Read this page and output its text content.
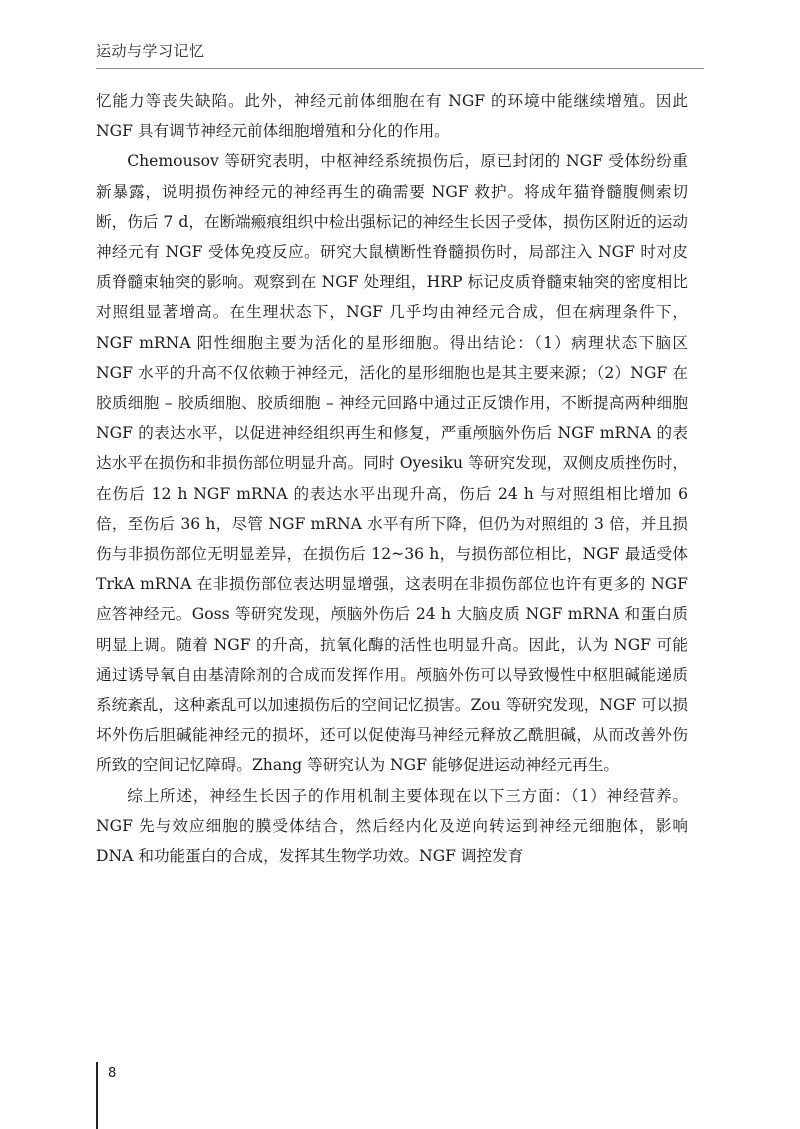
运动与学习记忆

忆能力等丧失缺陷。此外，神经元前体细胞在有 NGF 的环境中能继续增殖。因此 NGF 具有调节神经元前体细胞增殖和分化的作用。

Chemousov 等研究表明，中枢神经系统损伤后，原已封闭的 NGF 受体纷纷重新暴露，说明损伤神经元的神经再生的确需要 NGF 救护。将成年猫脊髓腹侧索切断，伤后 7 d，在断端瘢痕组织中检出强标记的神经生长因子受体，损伤区附近的运动神经元有 NGF 受体免疫反应。研究大鼠横断性脊髓损伤时，局部注入 NGF 时对皮质脊髓束轴突的影响。观察到在 NGF 处理组，HRP 标记皮质脊髓束轴突的密度相比对照组显著增高。在生理状态下，NGF 几乎均由神经元合成，但在病理条件下，NGF mRNA 阳性细胞主要为活化的星形细胞。得出结论：（1）病理状态下脑区 NGF 水平的升高不仅依赖于神经元，活化的星形细胞也是其主要来源；（2）NGF 在胶质细胞 – 胶质细胞、胶质细胞 – 神经元回路中通过正反馈作用，不断提高两种细胞 NGF 的表达水平，以促进神经组织再生和修复，严重颅脑外伤后 NGF mRNA 的表达水平在损伤和非损伤部位明显升高。同时 Oyesiku 等研究发现，双侧皮质挫伤时，在伤后 12 h NGF mRNA 的表达水平出现升高，伤后 24 h 与对照组相比增加 6 倍，至伤后 36 h，尽管 NGF mRNA 水平有所下降，但仍为对照组的 3 倍，并且损伤与非损伤部位无明显差异，在损伤后 12~36 h，与损伤部位相比，NGF 最适受体 TrkA mRNA 在非损伤部位表达明显增强，这表明在非损伤部位也许有更多的 NGF 应答神经元。Goss 等研究发现，颅脑外伤后 24 h 大脑皮质 NGF mRNA 和蛋白质明显上调。随着 NGF 的升高，抗氧化酶的活性也明显升高。因此，认为 NGF 可能通过诱导氧自由基清除剂的合成而发挥作用。颅脑外伤可以导致慢性中枢胆碱能递质系统紊乱，这种紊乱可以加速损伤后的空间记忆损害。Zou 等研究发现，NGF 可以损坏外伤后胆碱能神经元的损坏，还可以促使海马神经元释放乙酰胆碱，从而改善外伤所致的空间记忆障碍。Zhang 等研究认为 NGF 能够促进运动神经元再生。

综上所述，神经生长因子的作用机制主要体现在以下三方面：（1）神经营养。NGF 先与效应细胞的膜受体结合，然后经内化及逆向转运到神经元细胞体，影响 DNA 和功能蛋白的合成，发挥其生物学功效。NGF 调控发育

8
